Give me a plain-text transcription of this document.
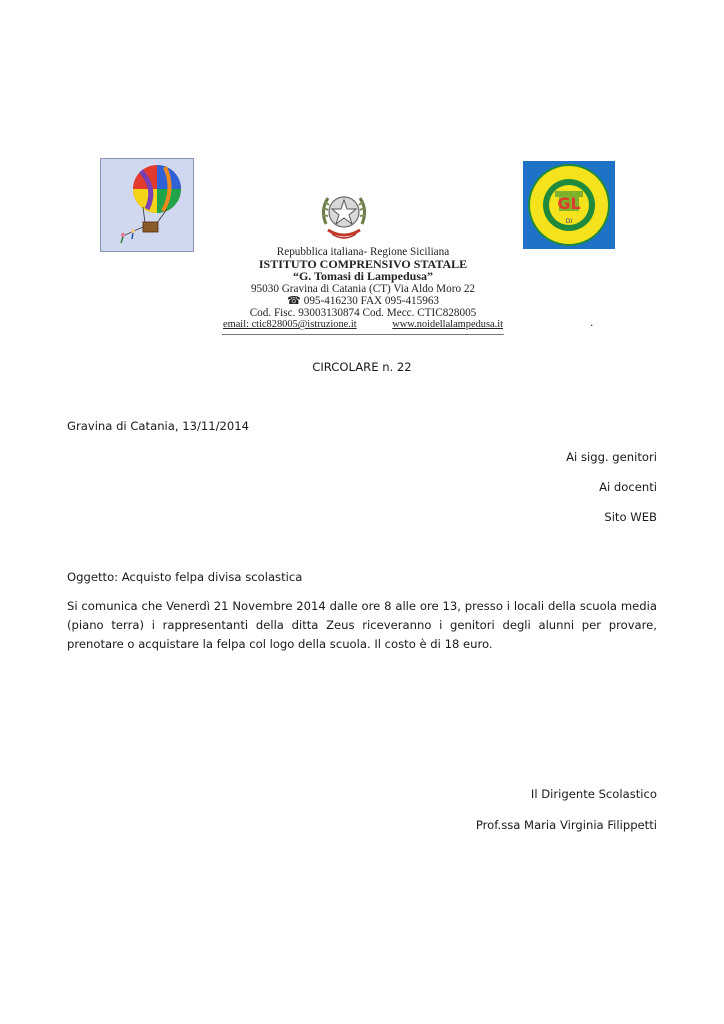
GL
DI
Repubblica italiana- Regione Siciliana
ISTITUTO COMPRENSIVO STATALE
“G. Tomasi di Lampedusa”
95030 Gravina di Catania (CT) Via Aldo Moro 22
☎ 095-416230 FAX 095-415963
Cod. Fisc. 93003130874 Cod. Mecc. CTIC828005
email: ctic828005@istruzione.it	www.noidellalampedusa.it	.
CIRCOLARE n. 22
Gravina di Catania, 13/11/2014
Ai sigg. genitori
Ai docenti
Sito WEB
Oggetto: Acquisto felpa divisa scolastica
Si comunica che Venerdì 21 Novembre 2014 dalle ore 8 alle ore 13, presso i locali della scuola media (piano terra) i rappresentanti della ditta Zeus riceveranno i genitori degli alunni per provare, prenotare o acquistare la felpa col logo della scuola. Il costo è di 18 euro.
Il Dirigente Scolastico
Prof.ssa Maria Virginia Filippetti
